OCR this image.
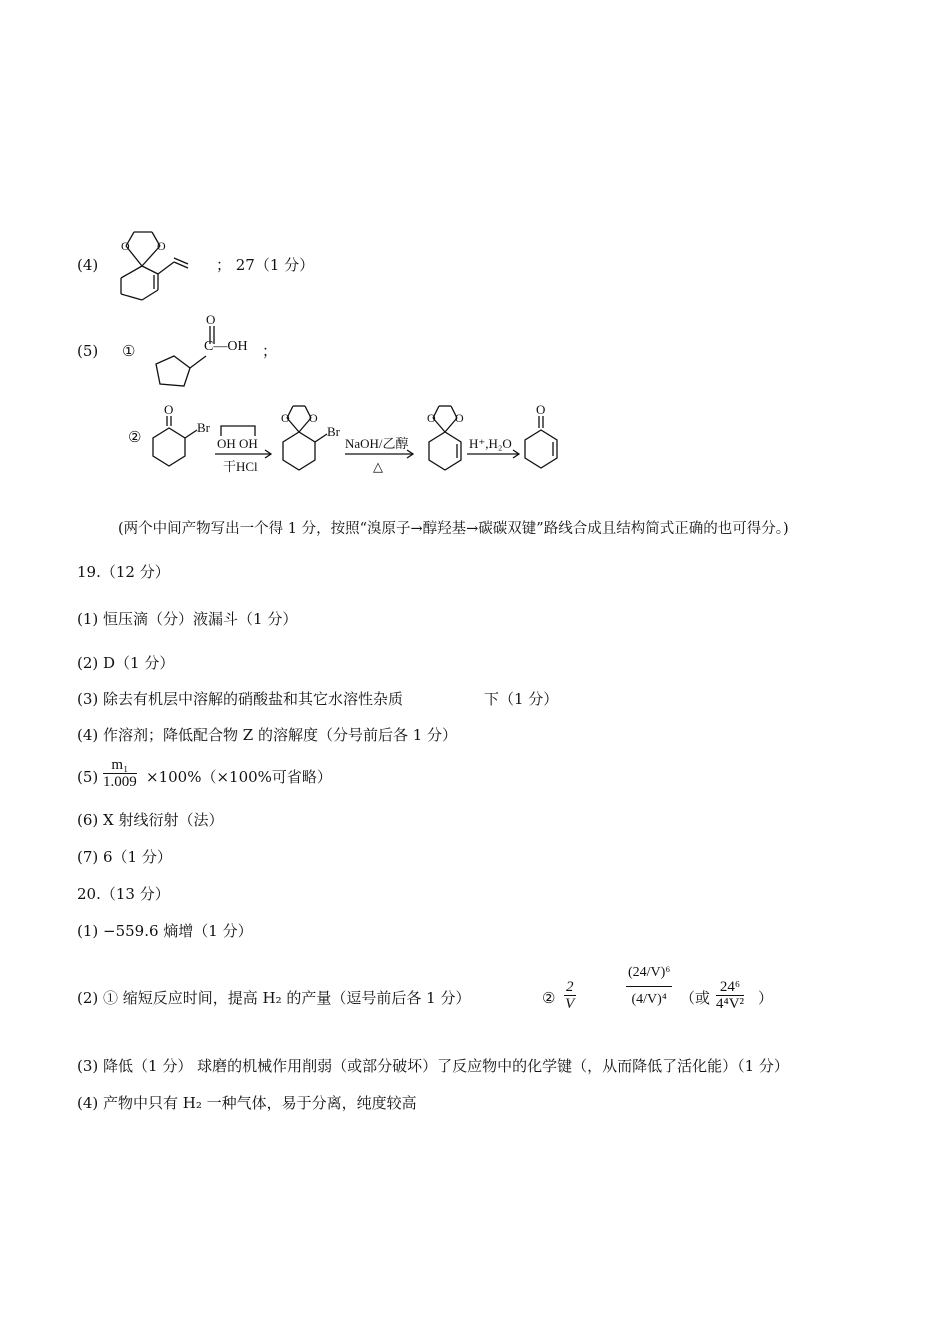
(4)
O O
； 27（1 分）
(5) ①
O
C—OH ；
②
O
Br
OH OH
干HCl
O O
Br
NaOH/乙醇
△
O O
H⁺,H₂O
O
(两个中间产物写出一个得 1 分，按照“溴原子→醇羟基→碳碳双键”路线合成且结构简式正确的也可得分。)
19.（12 分）
(1) 恒压滴（分）液漏斗（1 分）
(2) D（1 分）
(3) 除去有机层中溶解的硝酸盐和其它水溶性杂质	下（1 分）
(4) 作溶剂；降低配合物 Z 的溶解度（分号前后各 1 分）
$(5) \frac{\text{m₁}}{1.009} \times 100\%(\times 100\%$可省略）
(6) X 射线衍射（法）
(7) 6（1 分）
20.（13 分）
(1) −559.6 熵增（1 分）
(2) ① 缩短反应时间，提高 H₂ 的产量（逗号前后各 1 分）	② $\frac{2}{V}$	$\frac{\text{(24/V)⁶}}{\text{(4/V)⁴}}$ （或 $\frac{\text{24⁶}}{\text{4⁴V²}}$ ）
(3) 降低（1 分） 球磨的机械作用削弱（或部分破坏）了反应物中的化学键（，从而降低了活化能）（1 分）
(4) 产物中只有 H₂ 一种气体，易于分离，纯度较高
